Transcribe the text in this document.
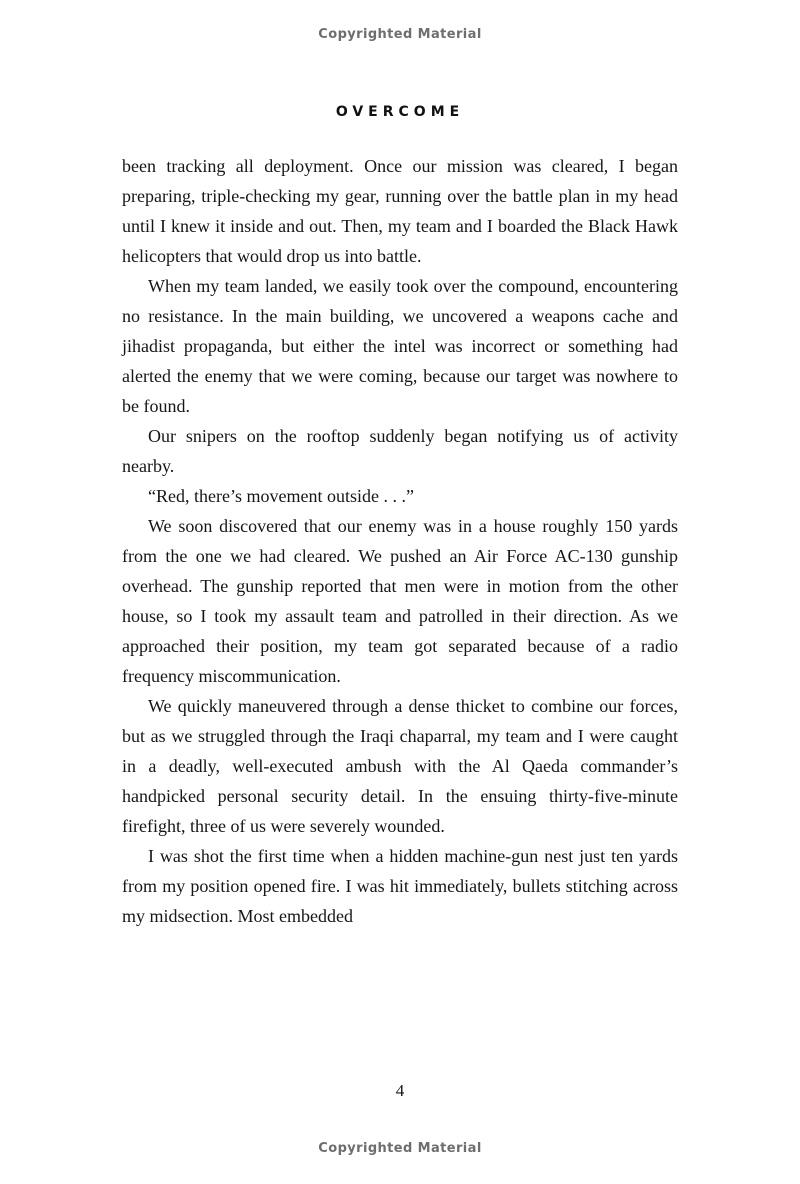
Copyrighted Material
OVERCOME

been tracking all deployment. Once our mission was cleared, I began preparing, triple-checking my gear, running over the battle plan in my head until I knew it inside and out. Then, my team and I boarded the Black Hawk helicopters that would drop us into battle.

When my team landed, we easily took over the compound, encountering no resistance. In the main building, we uncovered a weapons cache and jihadist propaganda, but either the intel was incorrect or something had alerted the enemy that we were coming, because our target was nowhere to be found.

Our snipers on the rooftop suddenly began notifying us of activity nearby.

“Red, there’s movement outside . . .”

We soon discovered that our enemy was in a house roughly 150 yards from the one we had cleared. We pushed an Air Force AC-130 gunship overhead. The gunship reported that men were in motion from the other house, so I took my assault team and patrolled in their direction. As we approached their position, my team got separated because of a radio frequency miscommunication.

We quickly maneuvered through a dense thicket to combine our forces, but as we struggled through the Iraqi chaparral, my team and I were caught in a deadly, well-executed ambush with the Al Qaeda commander’s handpicked personal security detail. In the ensuing thirty-five-minute firefight, three of us were severely wounded.

I was shot the first time when a hidden machine-gun nest just ten yards from my position opened fire. I was hit immediately, bullets stitching across my midsection. Most embedded

4
Copyrighted Material
